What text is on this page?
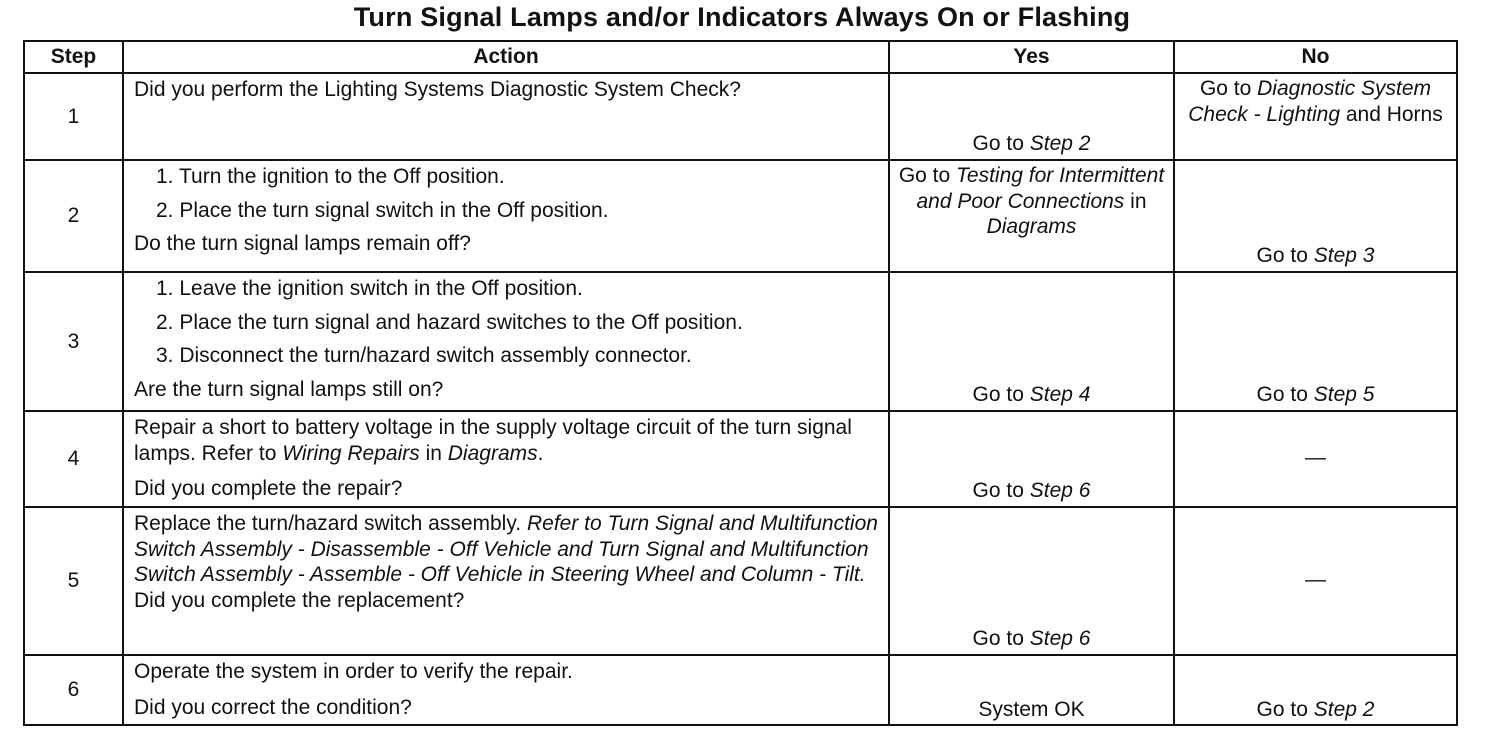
Turn Signal Lamps and/or Indicators Always On or Flashing
Step	Action	Yes	No
1	Did you perform the Lighting Systems Diagnostic System Check?	Go to Step 2	Go to Diagnostic System Check - Lighting and Horns
2	1. Turn the ignition to the Off position.
2. Place the turn signal switch in the Off position.
Do the turn signal lamps remain off?	Go to Testing for Intermittent and Poor Connections in Diagrams	Go to Step 3
3	1. Leave the ignition switch in the Off position.
2. Place the turn signal and hazard switches to the Off position.
3. Disconnect the turn/hazard switch assembly connector.
Are the turn signal lamps still on?	Go to Step 4	Go to Step 5
4	Repair a short to battery voltage in the supply voltage circuit of the turn signal lamps. Refer to Wiring Repairs in Diagrams.
Did you complete the repair?	Go to Step 6	—
5	Replace the turn/hazard switch assembly. Refer to Turn Signal and Multifunction Switch Assembly - Disassemble - Off Vehicle and Turn Signal and Multifunction Switch Assembly - Assemble - Off Vehicle in Steering Wheel and Column - Tilt.
Did you complete the replacement?	Go to Step 6	—
6	Operate the system in order to verify the repair.
Did you correct the condition?	System OK	Go to Step 2
